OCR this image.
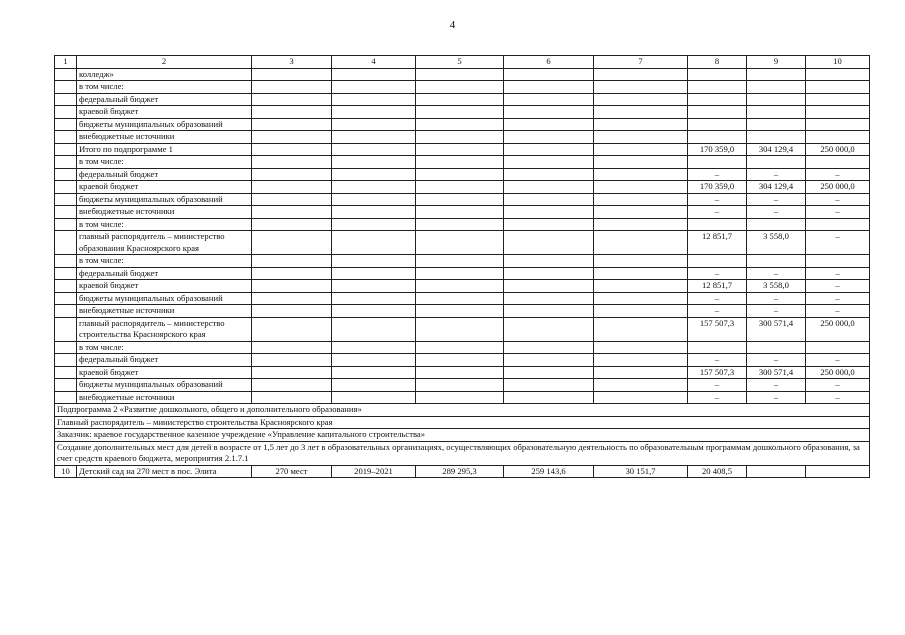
4
1	2	3	4	5	6	7	8	9	10
	колледж»								
	в том числе:								
	федеральный бюджет								
	краевой бюджет								
	бюджеты муниципальных образований								
	внебюджетные источники								
	Итого по подпрограмме 1						170 359,0	304 129,4	250 000,0
	в том числе:								
	федеральный бюджет						–	–	–
	краевой бюджет						170 359,0	304 129,4	250 000,0
	бюджеты муниципальных образований						–	–	–
	внебюджетные источники						–	–	–
	в том числе:								
	главный распорядитель – министерство образования Красноярского края						12 851,7	3 558,0	–
	в том числе:								
	федеральный бюджет						–	–	–
	краевой бюджет						12 851,7	3 558,0	–
	бюджеты муниципальных образований						–	–	–
	внебюджетные источники						–	–	–
	главный распорядитель – министерство строительства Красноярского края						157 507,3	300 571,4	250 000,0
	в том числе:								
	федеральный бюджет						–	–	–
	краевой бюджет						157 507,3	300 571,4	250 000,0
	бюджеты муниципальных образований						–	–	–
	внебюджетные источники						–	–	–
Подпрограмма 2 «Развитие дошкольного, общего и дополнительного образования»									
Главный распорядитель – министерство строительства Красноярского края									
Заказчик: краевое государственное казенное учреждение «Управление капитального строительства»									
Создание дополнительных мест для детей в возрасте от 1,5 лет до 3 лет в образовательных организациях, осуществляющих образовательную деятельность по образовательным программам дошкольного образования, за счет средств краевого бюджета, мероприятия 2.1.7.1									
10	Детский сад на 270 мест в пос. Элита	270 мест	2019–2021	289 295,3	259 143,6	30 151,7	20 408,5		
